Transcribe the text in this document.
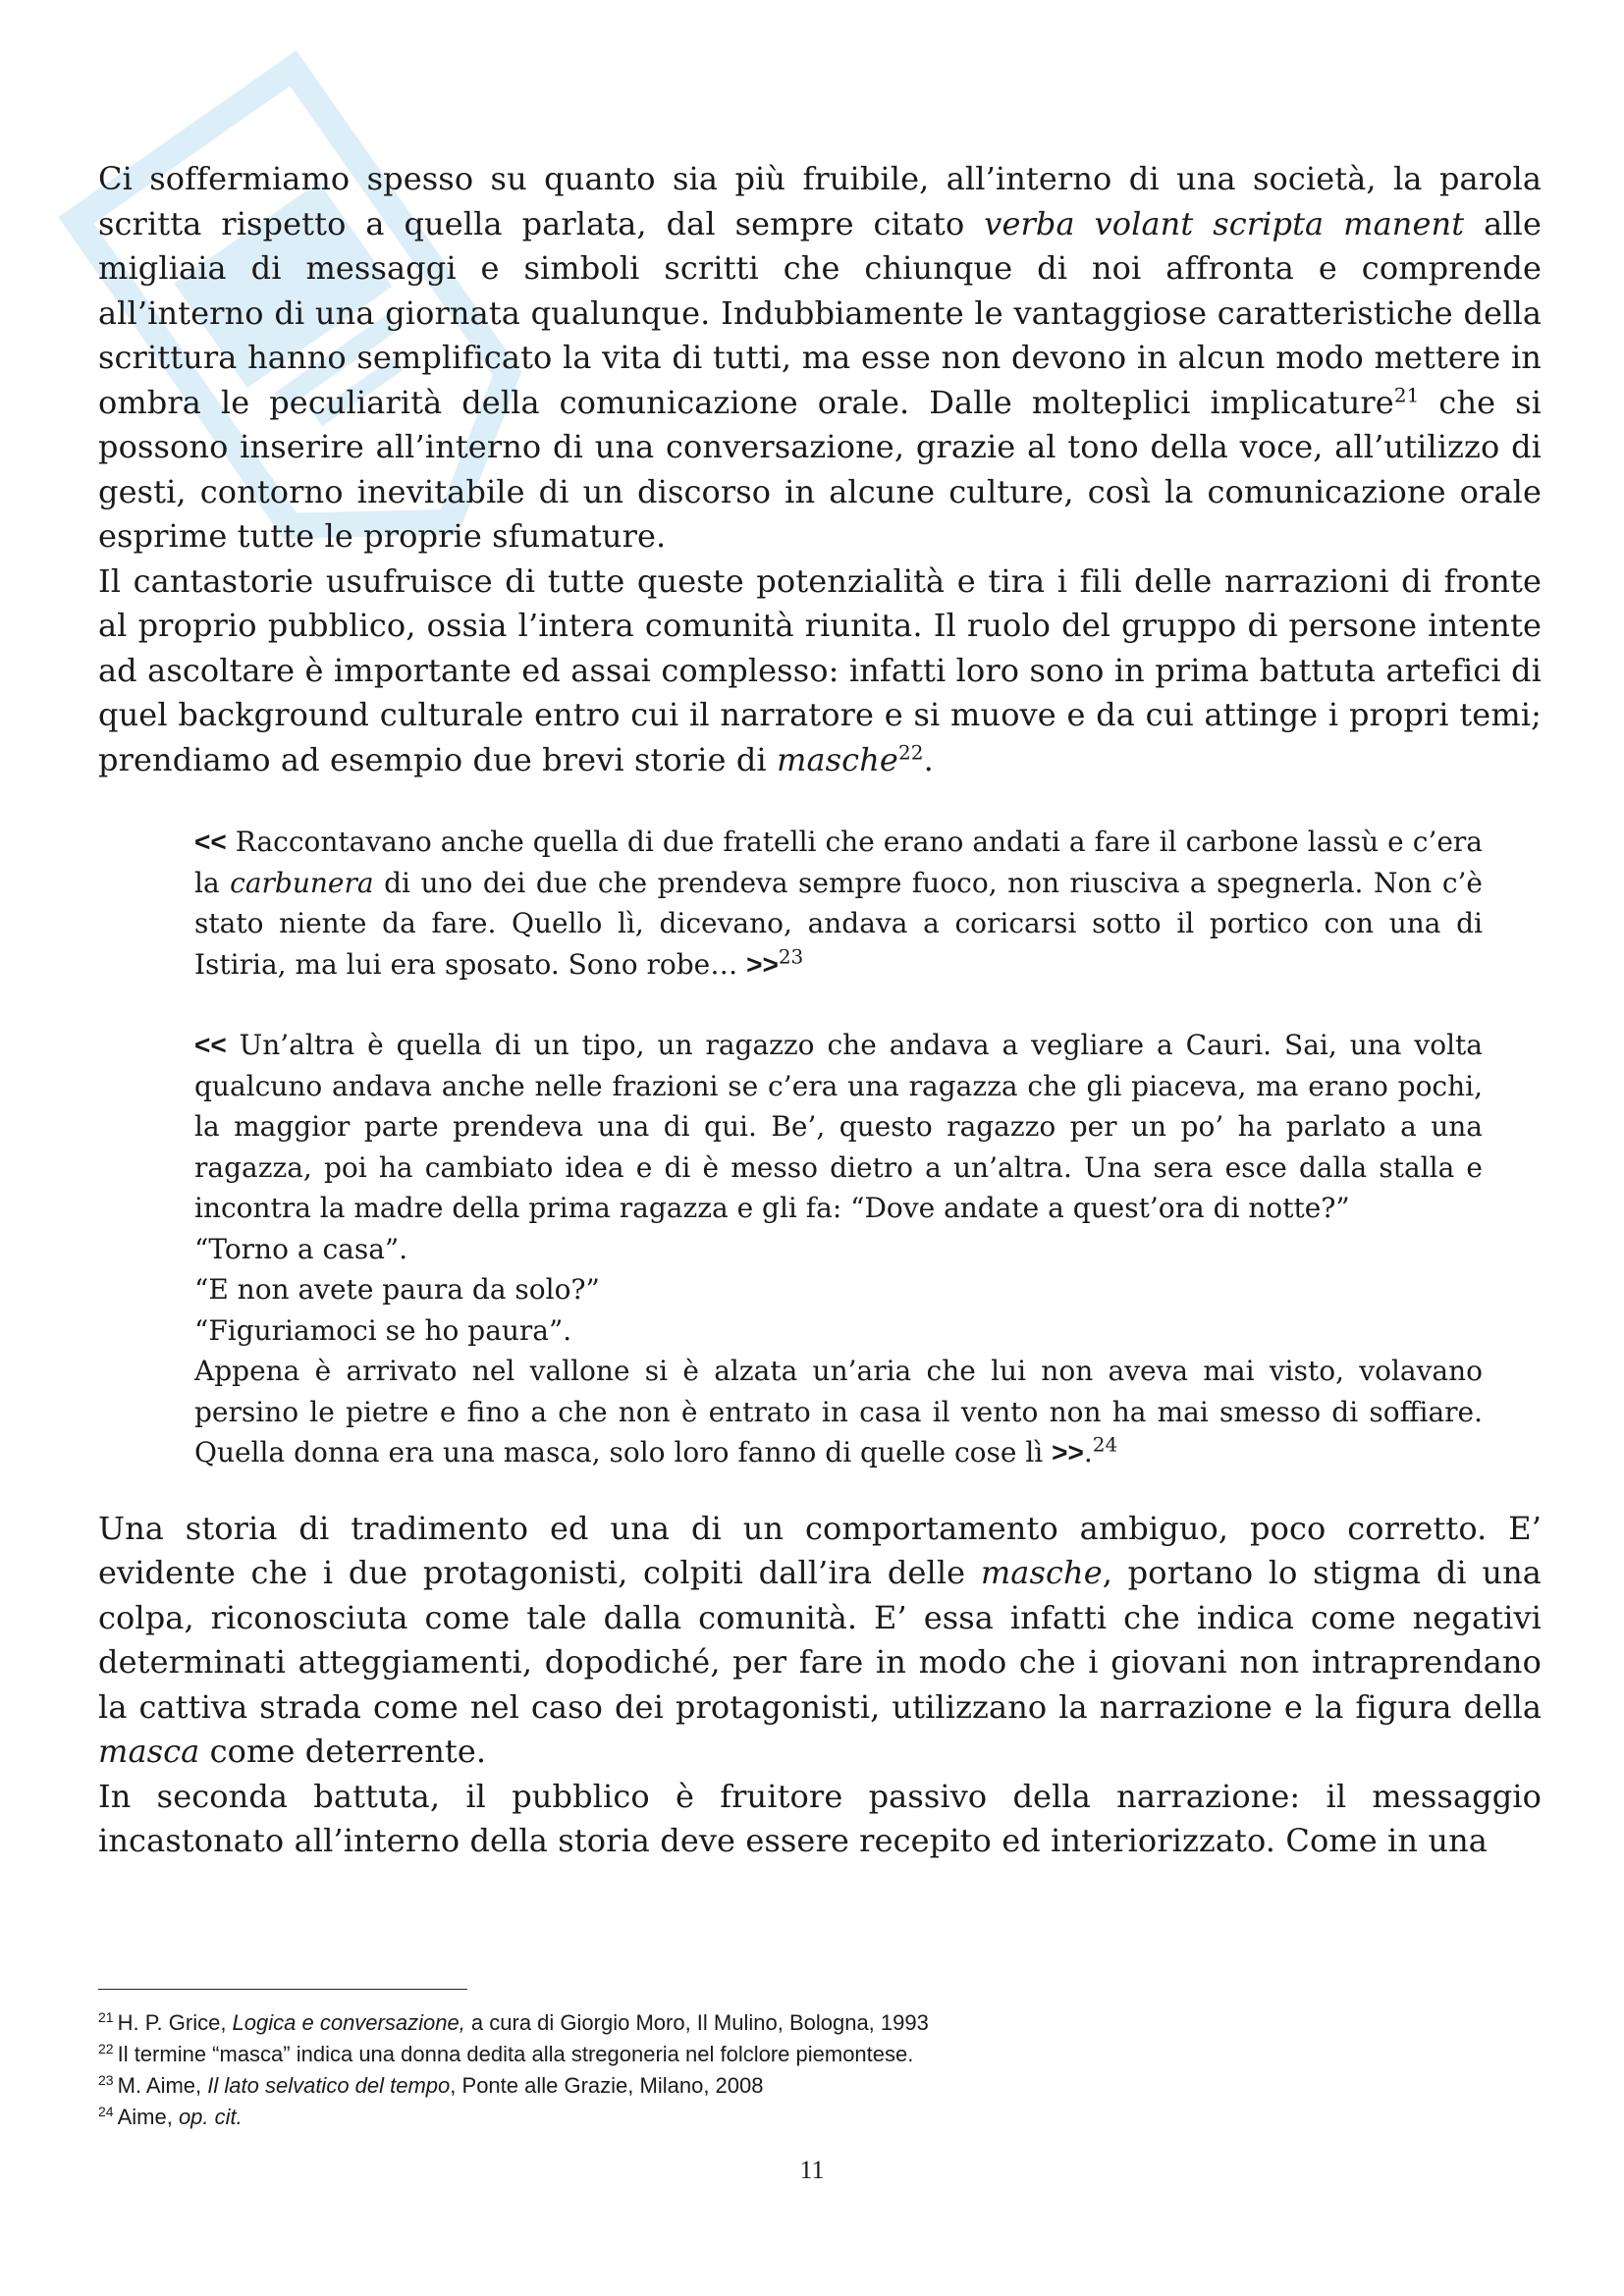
Ci soffermiamo spesso su quanto sia più fruibile, all’interno di una società, la parola scritta rispetto a quella parlata, dal sempre citato verba volant scripta manent alle migliaia di messaggi e simboli scritti che chiunque di noi affronta e comprende all’interno di una giornata qualunque. Indubbiamente le vantaggiose caratteristiche della scrittura hanno semplificato la vita di tutti, ma esse non devono in alcun modo mettere in ombra le peculiarità della comunicazione orale. Dalle molteplici implicature$^{21}$ che si possono inserire all’interno di una conversazione, grazie al tono della voce, all’utilizzo di gesti, contorno inevitabile di un discorso in alcune culture, così la comunicazione orale esprime tutte le proprie sfumature.

Il cantastorie usufruisce di tutte queste potenzialità e tira i fili delle narrazioni di fronte al proprio pubblico, ossia l’intera comunità riunita. Il ruolo del gruppo di persone intente ad ascoltare è importante ed assai complesso: infatti loro sono in prima battuta artefici di quel background culturale entro cui il narratore e si muove e da cui attinge i propri temi; prendiamo ad esempio due brevi storie di masche$^{22}$.

<< Raccontavano anche quella di due fratelli che erano andati a fare il carbone lassù e c’era la carbunera di uno dei due che prendeva sempre fuoco, non riusciva a spegnerla. Non c’è stato niente da fare. Quello lì, dicevano, andava a coricarsi sotto il portico con una di Istiria, ma lui era sposato. Sono robe… >>$^{23}$

<< Un’altra è quella di un tipo, un ragazzo che andava a vegliare a Cauri. Sai, una volta qualcuno andava anche nelle frazioni se c’era una ragazza che gli piaceva, ma erano pochi, la maggior parte prendeva una di qui. Be’, questo ragazzo per un po’ ha parlato a una ragazza, poi ha cambiato idea e di è messo dietro a un’altra. Una sera esce dalla stalla e incontra la madre della prima ragazza e gli fa: “Dove andate a quest’ora di notte?”
“Torno a casa”.
“E non avete paura da solo?”
“Figuriamoci se ho paura”.
Appena è arrivato nel vallone si è alzata un’aria che lui non aveva mai visto, volavano persino le pietre e fino a che non è entrato in casa il vento non ha mai smesso di soffiare. Quella donna era una masca, solo loro fanno di quelle cose lì >>.$^{24}$

Una storia di tradimento ed una di un comportamento ambiguo, poco corretto. E’ evidente che i due protagonisti, colpiti dall’ira delle masche, portano lo stigma di una colpa, riconosciuta come tale dalla comunità. E’ essa infatti che indica come negativi determinati atteggiamenti, dopodiché, per fare in modo che i giovani non intraprendano la cattiva strada come nel caso dei protagonisti, utilizzano la narrazione e la figura della masca come deterrente.

In seconda battuta, il pubblico è fruitore passivo della narrazione: il messaggio incastonato all’interno della storia deve essere recepito ed interiorizzato. Come in una

$^{21}$ H. P. Grice, Logica e conversazione, a cura di Giorgio Moro, Il Mulino, Bologna, 1993

$^{22}$ Il termine “masca” indica una donna dedita alla stregoneria nel folclore piemontese.

$^{23}$ M. Aime, Il lato selvatico del tempo, Ponte alle Grazie, Milano, 2008

$^{24}$ Aime, op. cit.

11
